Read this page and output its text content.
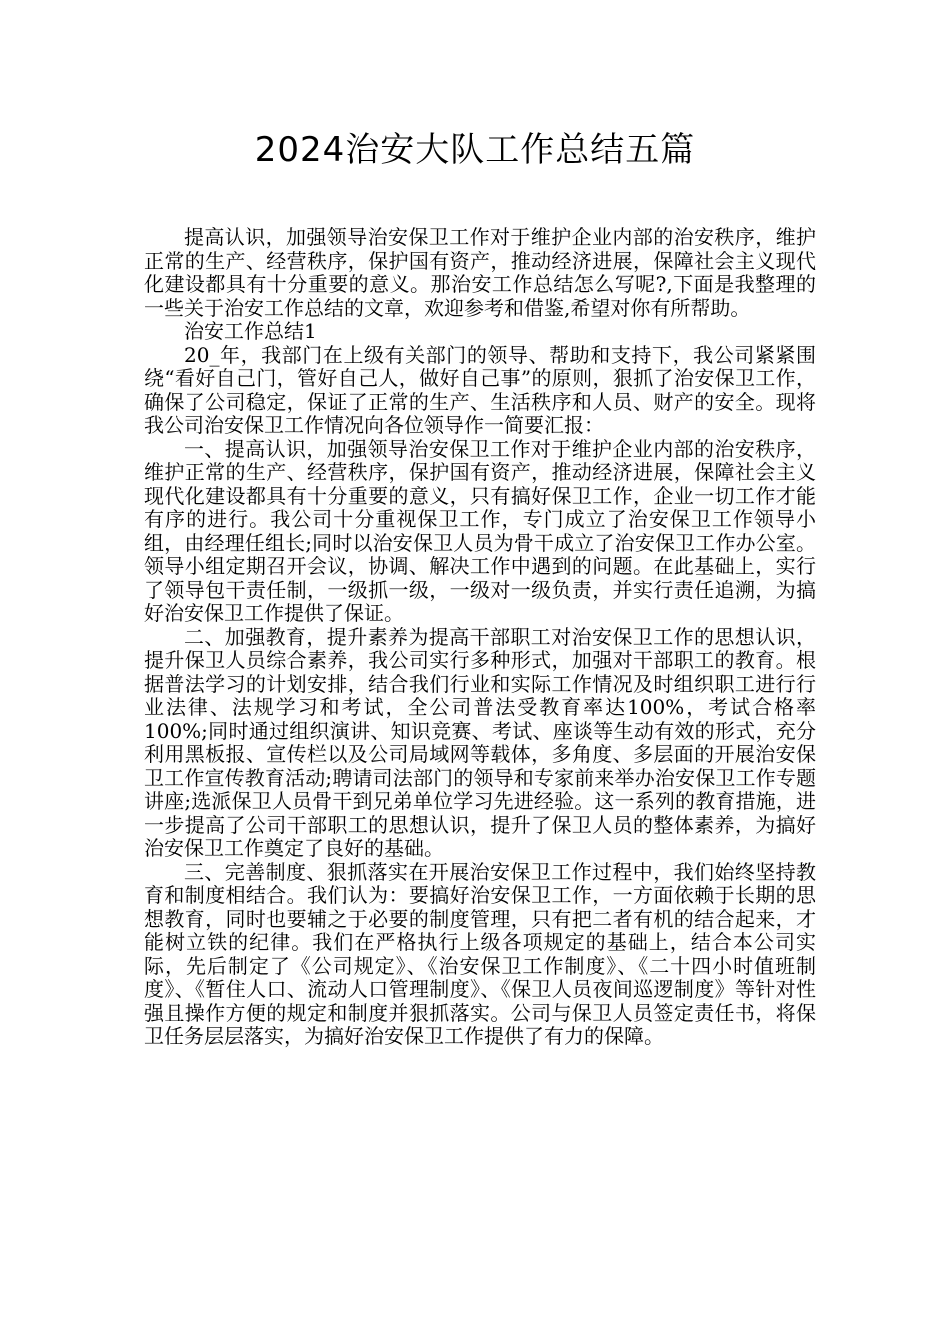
2024治安大队工作总结五篇

提高认识，加强领导治安保卫工作对于维护企业内部的治安秩序，维护正常的生产、经营秩序，保护国有资产，推动经济进展，保障社会主义现代化建设都具有十分重要的意义。那治安工作总结怎么写呢?,下面是我整理的一些关于治安工作总结的文章，欢迎参考和借鉴,希望对你有所帮助。

治安工作总结1

20_年，我部门在上级有关部门的领导、帮助和支持下，我公司紧紧围绕“看好自己门，管好自己人，做好自己事”的原则，狠抓了治安保卫工作，确保了公司稳定，保证了正常的生产、生活秩序和人员、财产的安全。现将我公司治安保卫工作情况向各位领导作一简要汇报：

一、提高认识，加强领导治安保卫工作对于维护企业内部的治安秩序，维护正常的生产、经营秩序，保护国有资产，推动经济进展，保障社会主义现代化建设都具有十分重要的意义，只有搞好保卫工作，企业一切工作才能有序的进行。我公司十分重视保卫工作，专门成立了治安保卫工作领导小组，由经理任组长;同时以治安保卫人员为骨干成立了治安保卫工作办公室。领导小组定期召开会议，协调、解决工作中遇到的问题。在此基础上，实行了领导包干责任制，一级抓一级，一级对一级负责，并实行责任追溯，为搞好治安保卫工作提供了保证。

二、加强教育，提升素养为提高干部职工对治安保卫工作的思想认识，提升保卫人员综合素养，我公司实行多种形式，加强对干部职工的教育。根据普法学习的计划安排，结合我们行业和实际工作情况及时组织职工进行行业法律、法规学习和考试，全公司普法受教育率达100%，考试合格率100%;同时通过组织演讲、知识竞赛、考试、座谈等生动有效的形式，充分利用黑板报、宣传栏以及公司局域网等载体，多角度、多层面的开展治安保卫工作宣传教育活动;聘请司法部门的领导和专家前来举办治安保卫工作专题讲座;选派保卫人员骨干到兄弟单位学习先进经验。这一系列的教育措施，进一步提高了公司干部职工的思想认识，提升了保卫人员的整体素养，为搞好治安保卫工作奠定了良好的基础。

三、完善制度、狠抓落实在开展治安保卫工作过程中，我们始终坚持教育和制度相结合。我们认为：要搞好治安保卫工作，一方面依赖于长期的思想教育，同时也要辅之于必要的制度管理，只有把二者有机的结合起来，才能树立铁的纪律。我们在严格执行上级各项规定的基础上，结合本公司实际，先后制定了《公司规定》、《治安保卫工作制度》、《二十四小时值班制度》、《暂住人口、流动人口管理制度》、《保卫人员夜间巡逻制度》等针对性强且操作方便的规定和制度并狠抓落实。公司与保卫人员签定责任书，将保卫任务层层落实，为搞好治安保卫工作提供了有力的保障。
